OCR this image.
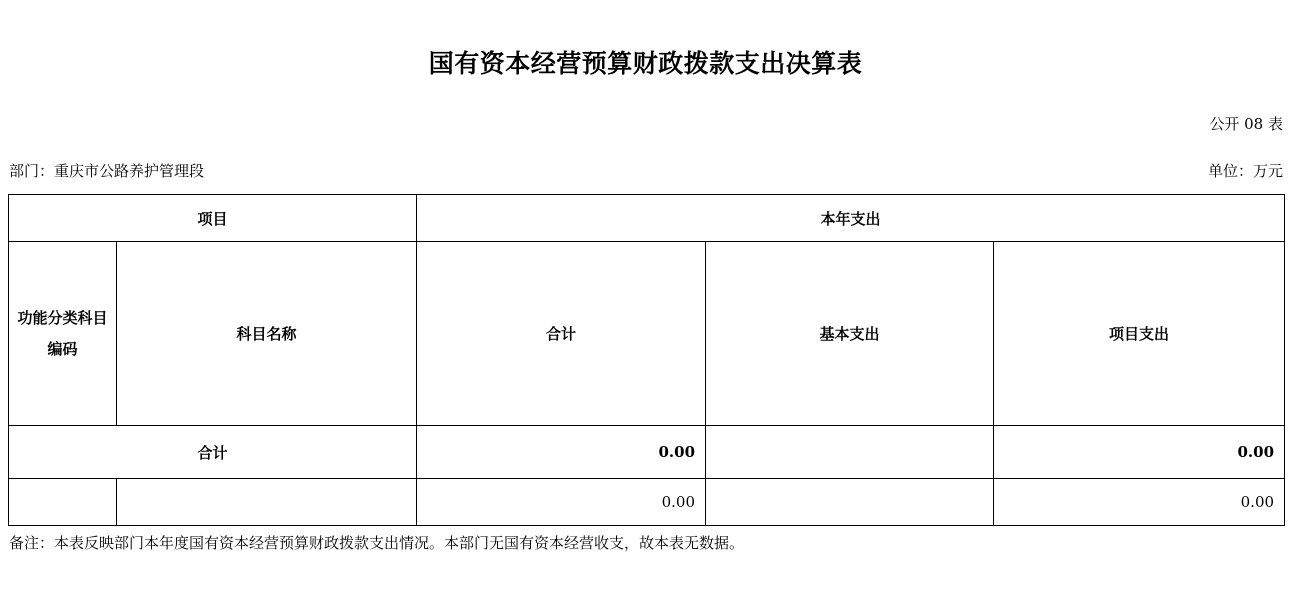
国有资本经营预算财政拨款支出决算表
公开 08 表
部门：重庆市公路养护管理段	单位：万元
项目		本年支出		

功能分类科目
编码	科目名称	合计	基本支出	项目支出
合计		0.00		0.00
		0.00		0.00
备注：本表反映部门本年度国有资本经营预算财政拨款支出情况。本部门无国有资本经营收支，故本表无数据。
